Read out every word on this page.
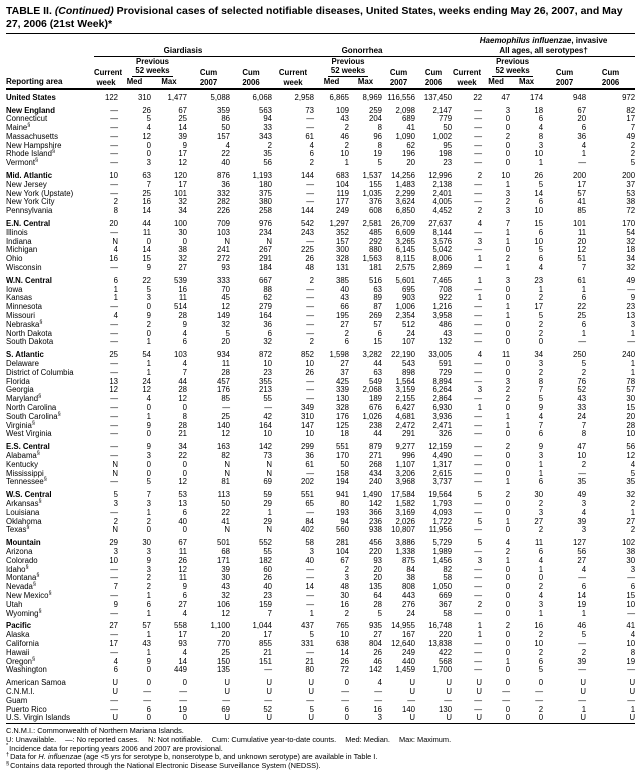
TABLE II. (Continued) Provisional cases of selected notifiable diseases, United States, weeks ending May 26, 2007, and May 27, 2006 (21st Week)*
Reporting area	Giardiasis					Gonorrhea					Haemophilus influenzae, invasive
All ages, all serotypes†				
	Current
week	Previous
52 weeks		Cum
2007	Cum
2006	Current
week	Previous
52 weeks		Cum
2007	Cum
2006	Current
week	Previous
52 weeks		Cum
2007	Cum
2006
		Med	Max				Med	Max				Med	Max		
United States	122	310	1,477	5,088	6,068	2,958	6,865	8,969	116,556	137,450	22	47	174	948	972
New England	—	26	67	359	563	73	109	259	2,098	2,147	—	3	18	67	82
Connecticut	—	5	25	86	94	—	43	204	689	779	—	0	6	20	17
Maine§	—	4	14	50	33	—	2	8	41	50	—	0	4	6	7
Massachusetts	—	12	39	157	343	61	46	96	1,090	1,002	—	2	8	36	49
New Hampshire	—	0	9	4	2	4	2	8	62	95	—	0	3	4	2
Rhode Island§	—	0	17	22	35	6	10	19	196	198	—	0	10	1	2
Vermont§	—	3	12	40	56	2	1	5	20	23	—	0	1	—	5
Mid. Atlantic	10	63	120	876	1,193	144	683	1,537	14,256	12,996	2	10	26	200	200
New Jersey	—	7	17	36	180	—	104	155	1,483	2,138	—	1	5	17	37
New York (Upstate)	—	25	101	332	375	—	119	1,035	2,299	2,401	—	3	14	57	53
New York City	2	16	32	282	380	—	177	376	3,624	4,005	—	2	6	41	38
Pennsylvania	8	14	34	226	258	144	249	608	6,850	4,452	2	3	10	85	72
E.N. Central	20	44	100	709	976	542	1,297	2,581	26,709	27,637	4	7	15	101	170
Illinois	—	11	30	103	234	243	352	485	6,609	8,144	—	1	6	11	54
Indiana	N	0	0	N	N	—	157	292	3,265	3,576	3	1	10	20	32
Michigan	4	14	38	241	267	225	300	880	6,145	5,042	—	0	5	12	18
Ohio	16	15	32	272	291	26	328	1,563	8,115	8,006	1	2	6	51	34
Wisconsin	—	9	27	93	184	48	131	181	2,575	2,869	—	1	4	7	32
W.N. Central	6	22	539	333	667	2	385	516	5,601	7,465	1	3	23	61	49
Iowa	1	5	16	70	88	—	40	63	695	708	—	0	1	1	—
Kansas	1	3	11	45	62	—	43	89	903	922	1	0	2	6	9
Minnesota	—	0	514	12	279	—	66	87	1,006	1,216	—	1	17	22	23
Missouri	4	9	28	149	164	—	195	269	2,354	3,958	—	1	5	25	13
Nebraska§	—	2	9	32	36	—	27	57	512	486	—	0	2	6	3
North Dakota	—	0	4	5	6	—	2	6	24	43	—	0	2	1	1
South Dakota	—	1	6	20	32	2	6	15	107	132	—	0	0	—	—
S. Atlantic	25	54	103	934	872	852	1,598	3,282	22,190	33,005	4	11	34	250	240
Delaware	—	1	4	11	10	10	27	44	543	591	—	0	3	5	1
District of Columbia	—	1	7	28	23	26	37	63	898	729	—	0	2	2	1
Florida	13	24	44	457	355	—	425	549	1,564	8,894	—	3	8	76	78
Georgia	12	12	28	176	213	—	339	2,068	3,159	6,264	3	2	7	52	57
Maryland§	—	4	12	85	55	—	130	189	2,155	2,864	—	2	5	43	30
North Carolina	—	0	0	—	—	349	328	676	6,427	6,930	1	0	9	33	15
South Carolina§	—	1	8	25	42	310	176	1,026	4,681	3,936	—	1	4	24	20
Virginia§	—	9	28	140	164	147	125	238	2,472	2,471	—	1	7	7	28
West Virginia	—	0	21	12	10	10	18	44	291	326	—	0	6	8	10
E.S. Central	—	9	34	163	142	299	551	879	9,277	12,159	—	2	9	47	56
Alabama§	—	3	22	82	73	36	170	271	996	4,490	—	0	3	10	12
Kentucky	N	0	0	N	N	61	50	268	1,107	1,317	—	0	1	2	4
Mississippi	N	0	0	N	N	—	158	434	3,206	2,615	—	0	1	—	5
Tennessee§	—	5	12	81	69	202	194	240	3,968	3,737	—	1	6	35	35
W.S. Central	5	7	53	113	59	551	941	1,490	17,584	19,564	5	2	30	49	32
Arkansas§	3	3	13	50	29	65	80	142	1,582	1,793	—	0	2	3	2
Louisiana	—	1	6	22	1	—	193	366	3,169	4,093	—	0	3	4	1
Oklahoma	2	2	40	41	29	84	94	236	2,026	1,722	5	1	27	39	27
Texas§	N	0	0	N	N	402	560	938	10,807	11,956	—	0	2	3	2
Mountain	29	30	67	501	552	58	281	456	3,886	5,729	5	4	11	127	102
Arizona	3	3	11	68	55	3	104	220	1,338	1,989	—	2	6	56	38
Colorado	10	9	26	171	182	40	67	93	875	1,456	3	1	4	27	30
Idaho§	—	3	12	39	60	—	2	20	84	82	—	0	1	4	3
Montana§	—	2	11	30	26	—	3	20	38	58	—	0	0	—	—
Nevada§	7	2	9	43	40	14	48	135	808	1,050	—	0	2	6	6
New Mexico§	—	1	6	32	23	—	30	64	443	669	—	0	4	14	15
Utah	9	6	27	106	159	—	16	28	276	367	2	0	3	19	10
Wyoming§	—	1	4	12	7	1	2	5	24	58	—	0	1	1	—
Pacific	27	57	558	1,100	1,044	437	765	935	14,955	16,748	1	2	16	46	41
Alaska	—	1	17	20	17	5	10	27	167	220	1	0	2	5	4
California	17	43	93	770	855	331	638	804	12,640	13,838	—	0	10	—	10
Hawaii	—	1	4	25	21	—	14	26	249	422	—	0	2	2	8
Oregon§	4	9	14	150	151	21	26	46	440	568	—	1	6	39	19
Washington	6	0	449	135	—	80	72	142	1,459	1,700	—	0	5	—	—
American Samoa	U	0	0	U	U	U	0	4	U	U	U	0	0	U	U
C.N.M.I.	U	—	—	U	U	U	—	—	U	U	U	—	—	U	U
Guam	—	—	—	—	—	—	—	—	—	—	—	—	—	—	—
Puerto Rico	—	6	19	69	52	5	6	16	140	130	—	0	2	1	1
U.S. Virgin Islands	U	0	0	U	U	U	0	3	U	U	U	0	0	U	U
C.N.M.I.: Commonwealth of Northern Mariana Islands.
U: Unavailable. —: No reported cases. N: Not notifiable. Cum: Cumulative year-to-date counts. Med: Median. Max: Maximum.
*Incidence data for reporting years 2006 and 2007 are provisional.
†Data for H. influenzae (age <5 yrs for serotype b, nonserotype b, and unknown serotype) are available in Table I.
§Contains data reported through the National Electronic Disease Surveillance System (NEDSS).
